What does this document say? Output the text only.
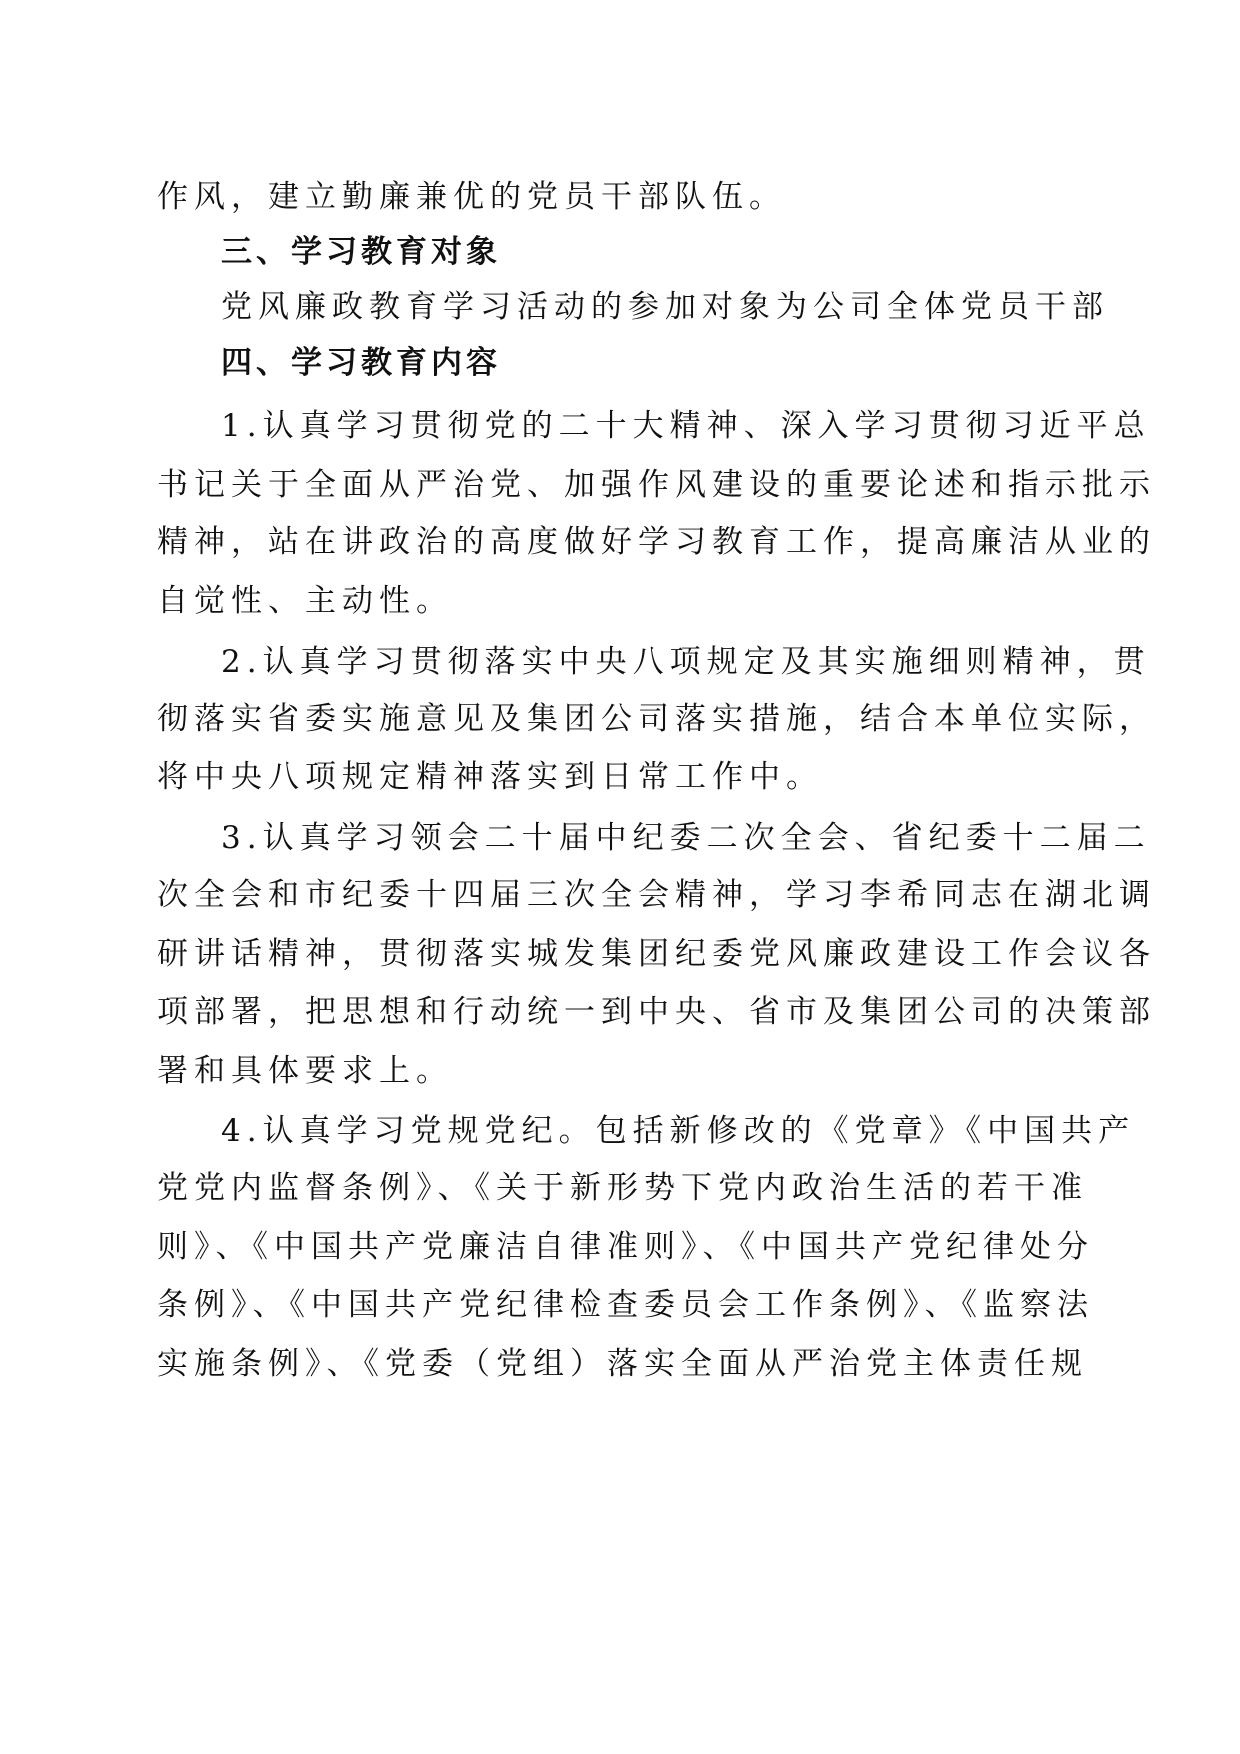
作风，建立勤廉兼优的党员干部队伍。

三、学习教育对象

党风廉政教育学习活动的参加对象为公司全体党员干部

四、学习教育内容

1.认真学习贯彻党的二十大精神、深入学习贯彻习近平总

书记关于全面从严治党、加强作风建设的重要论述和指示批示

精神，站在讲政治的高度做好学习教育工作，提高廉洁从业的

自觉性、主动性。

2.认真学习贯彻落实中央八项规定及其实施细则精神，贯

彻落实省委实施意见及集团公司落实措施，结合本单位实际，

将中央八项规定精神落实到日常工作中。

3.认真学习领会二十届中纪委二次全会、省纪委十二届二

次全会和市纪委十四届三次全会精神，学习李希同志在湖北调

研讲话精神，贯彻落实城发集团纪委党风廉政建设工作会议各

项部署，把思想和行动统一到中央、省市及集团公司的决策部

署和具体要求上。

4.认真学习党规党纪。包括新修改的《党章》《中国共产

党党内监督条例》、《关于新形势下党内政治生活的若干准

则》、《中国共产党廉洁自律准则》、《中国共产党纪律处分

条例》、《中国共产党纪律检查委员会工作条例》、《监察法

实施条例》、《党委（党组）落实全面从严治党主体责任规
